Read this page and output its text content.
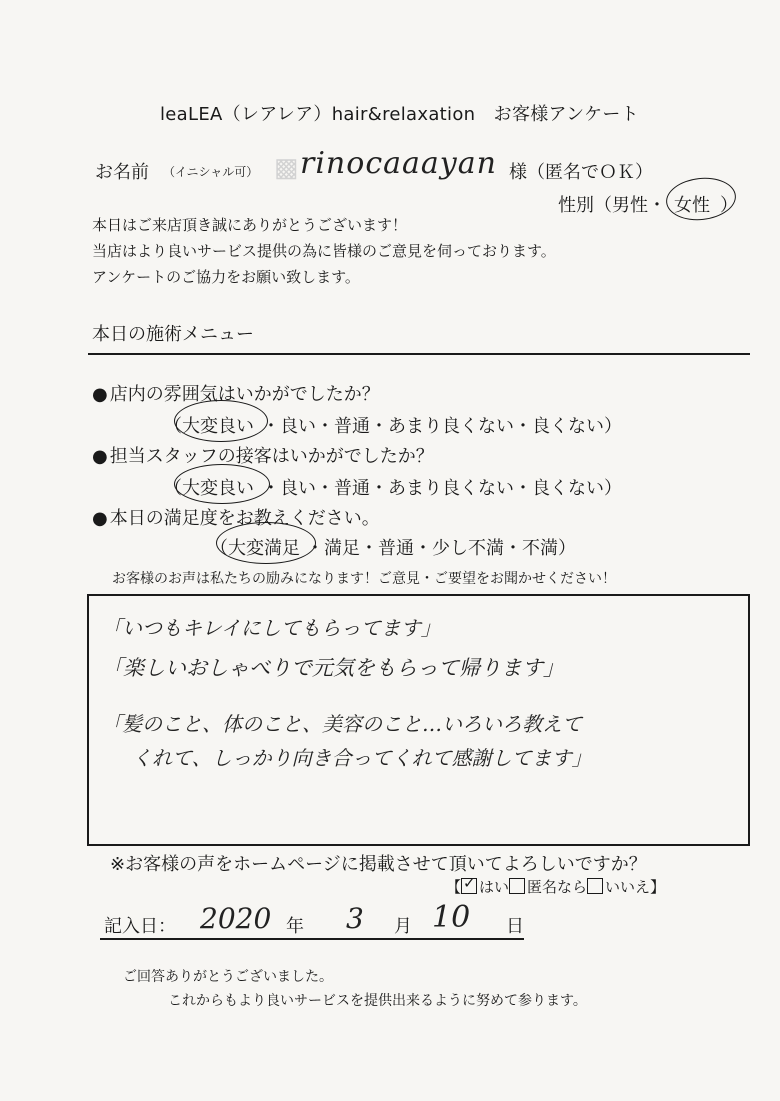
leaLEA（レアレア）hair&relaxation　お客様アンケート
お名前 （イニシャル可） ▩ rinocaaayan 様（匿名でＯＫ）
性別（男性・ 女性 ）
本日はご来店頂き誠にありがとうございます！
当店はより良いサービス提供の為に皆様のご意見を伺っております。
アンケートのご協力をお願い致します。
本日の施術メニュー
● 店内の雰囲気はいかがでしたか？
（ 大変良い ・良い・普通・あまり良くない・良くない）
● 担当スタッフの接客はいかがでしたか？
（ 大変良い ・良い・普通・あまり良くない・良くない）
● 本日の満足度をお教えください。
（ 大変満足 ・満足・普通・少し不満・不満）
お客様のお声は私たちの励みになります！ご意見・ご要望をお聞かせください！
「いつもキレイにしてもらってます」
「楽しいおしゃべりで元気をもらって帰ります」
「髪のこと、体のこと、美容のこと…いろいろ教えて
くれて、しっかり向き合ってくれて感謝してます」
※お客様の声をホームページに掲載させて頂いてよろしいですか？
【✓ はい 匿名なら いいえ】
記入日： 2020 年 3 月 10 日
ご回答ありがとうございました。
これからもより良いサービスを提供出来るように努めて参ります。
